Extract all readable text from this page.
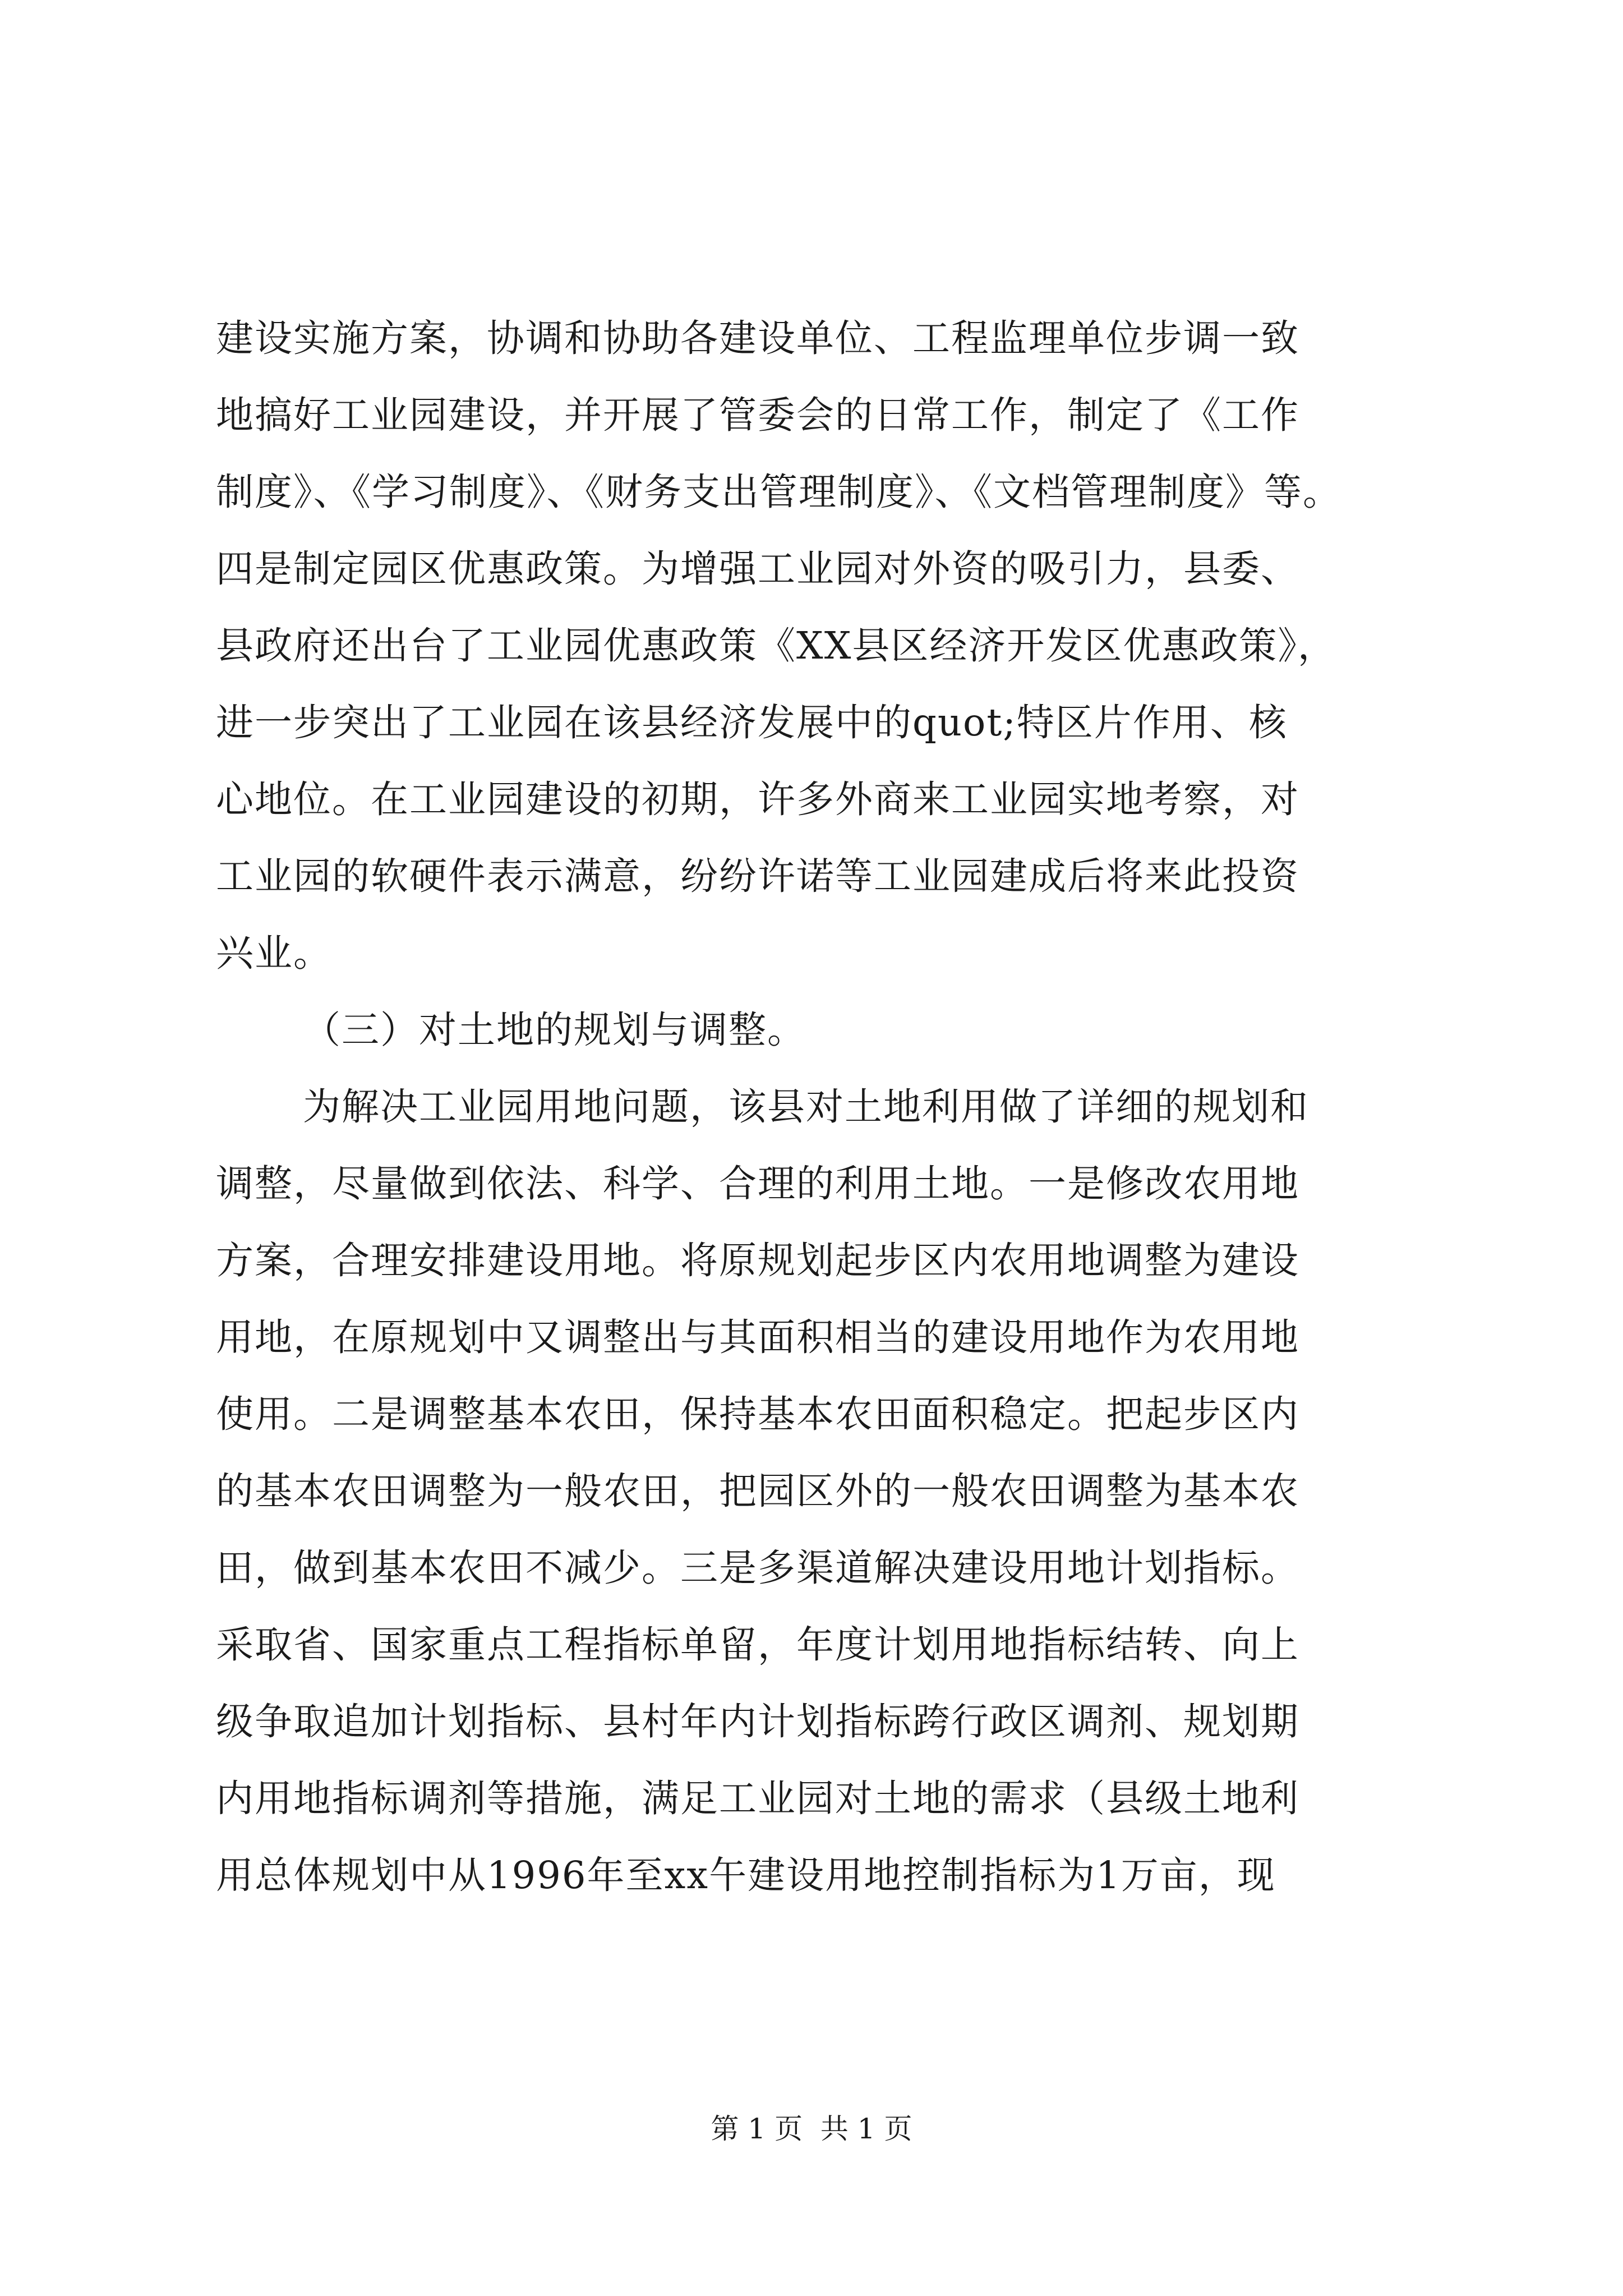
建设实施方案，协调和协助各建设单位、工程监理单位步调一致
地搞好工业园建设，并开展了管委会的日常工作，制定了《工作
制度》、《学习制度》、《财务支出管理制度》、《文档管理制度》等。
四是制定园区优惠政策。为增强工业园对外资的吸引力，县委、
县政府还出台了工业园优惠政策《XX县区经济开发区优惠政策》，
进一步突出了工业园在该县经济发展中的quot;特区片作用、核
心地位。在工业园建设的初期，许多外商来工业园实地考察，对
工业园的软硬件表示满意，纷纷许诺等工业园建成后将来此投资
兴业。
（三）对土地的规划与调整。
为解决工业园用地问题，该县对土地利用做了详细的规划和
调整，尽量做到依法、科学、合理的利用土地。一是修改农用地
方案，合理安排建设用地。将原规划起步区内农用地调整为建设
用地，在原规划中又调整出与其面积相当的建设用地作为农用地
使用。二是调整基本农田，保持基本农田面积稳定。把起步区内
的基本农田调整为一般农田，把园区外的一般农田调整为基本农
田，做到基本农田不减少。三是多渠道解决建设用地计划指标。
采取省、国家重点工程指标单留，年度计划用地指标结转、向上
级争取追加计划指标、县村年内计划指标跨行政区调剂、规划期
内用地指标调剂等措施，满足工业园对土地的需求（县级土地利
用总体规划中从1996年至xx午建设用地控制指标为1万亩，现
第 1 页  共 1 页
